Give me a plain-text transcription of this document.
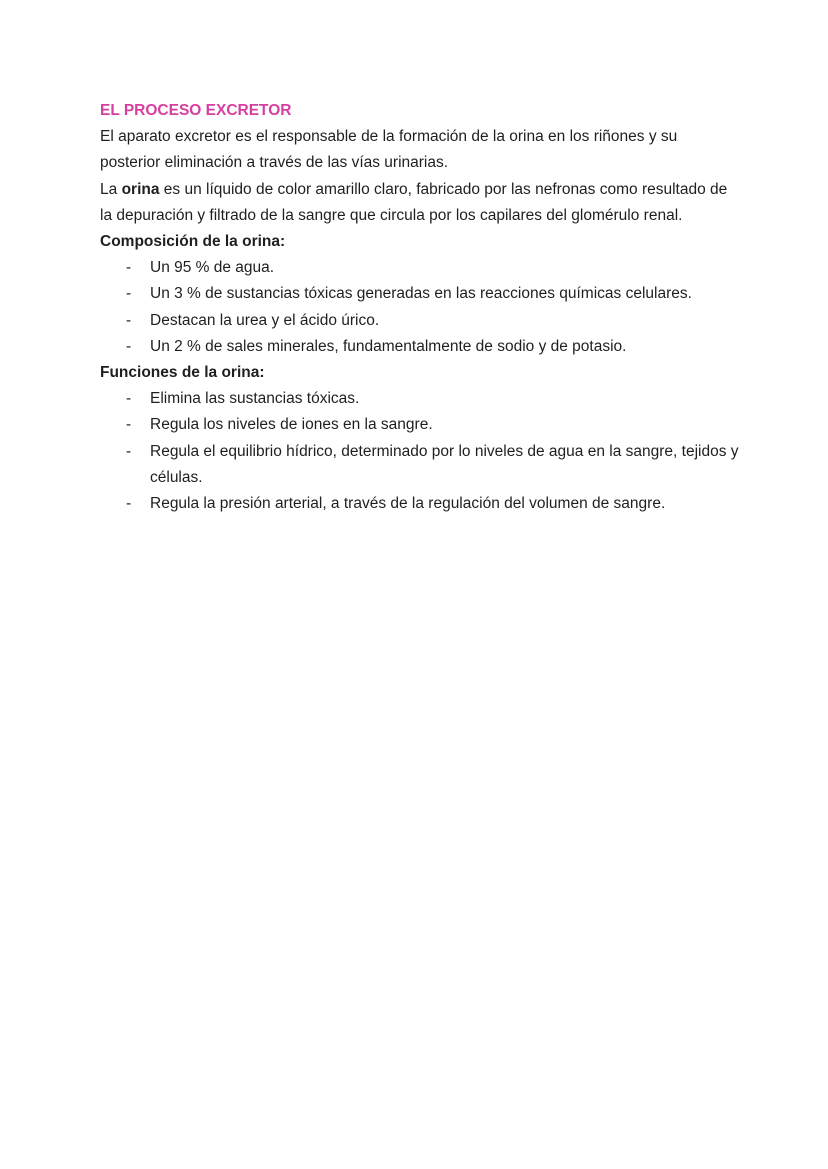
EL PROCESO EXCRETOR

El aparato excretor es el responsable de la formación de la orina en los riñones y su posterior eliminación a través de las vías urinarias.

La orina es un líquido de color amarillo claro, fabricado por las nefronas como resultado de la depuración y filtrado de la sangre que circula por los capilares del glomérulo renal.

Composición de la orina:

- Un 95 % de agua.
- Un 3 % de sustancias tóxicas generadas en las reacciones químicas celulares.
- Destacan la urea y el ácido úrico.
- Un 2 % de sales minerales, fundamentalmente de sodio y de potasio.

Funciones de la orina:

- Elimina las sustancias tóxicas.
- Regula los niveles de iones en la sangre.
- Regula el equilibrio hídrico, determinado por lo niveles de agua en la sangre, tejidos y células.
- Regula la presión arterial, a través de la regulación del volumen de sangre.
